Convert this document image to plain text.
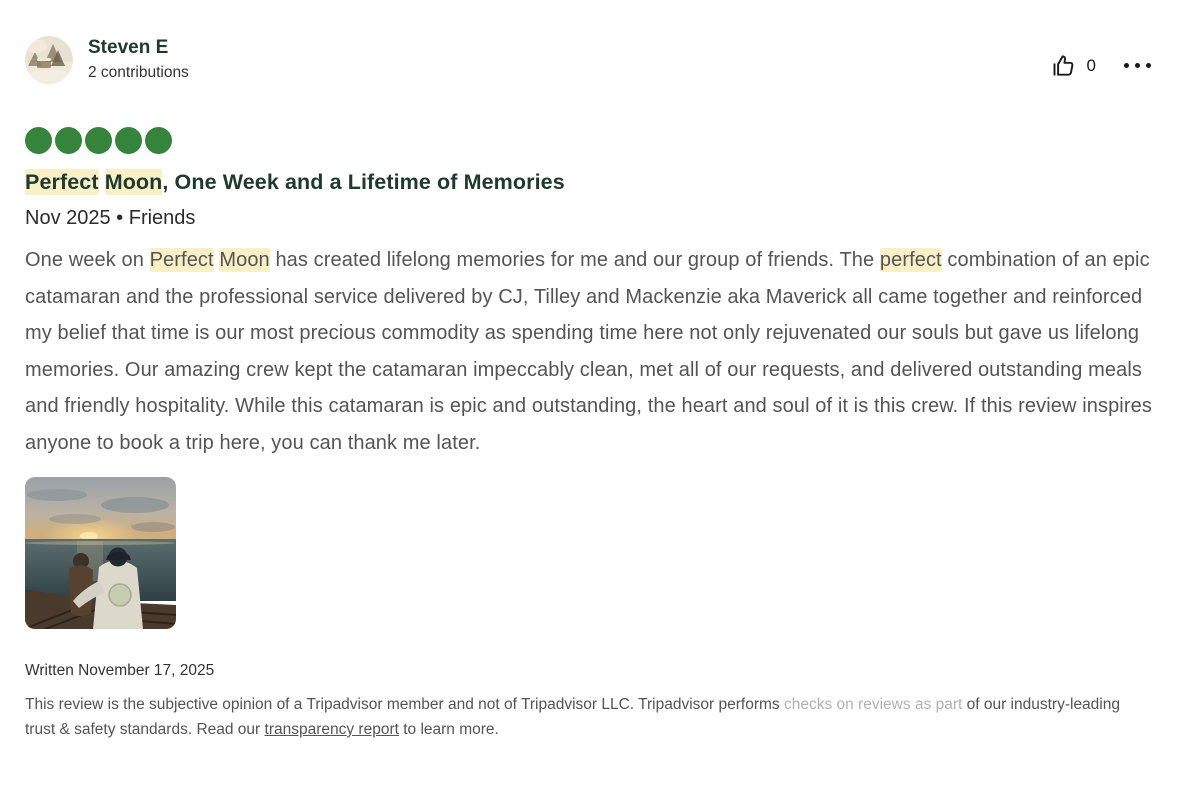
Steven E
2 contributions	0
Perfect Moon, One Week and a Lifetime of Memories
Nov 2025 • Friends

One week on Perfect Moon has created lifelong memories for me and our group of friends. The perfect combination of an epic catamaran and the professional service delivered by CJ, Tilley and Mackenzie aka Maverick all came together and reinforced my belief that time is our most precious commodity as spending time here not only rejuvenated our souls but gave us lifelong memories. Our amazing crew kept the catamaran impeccably clean, met all of our requests, and delivered outstanding meals and friendly hospitality. While this catamaran is epic and outstanding, the heart and soul of it is this crew. If this review inspires anyone to book a trip here, you can thank me later.

Written November 17, 2025

This review is the subjective opinion of a Tripadvisor member and not of Tripadvisor LLC. Tripadvisor performs checks on reviews as part of our industry-leading trust & safety standards. Read our transparency report to learn more.
